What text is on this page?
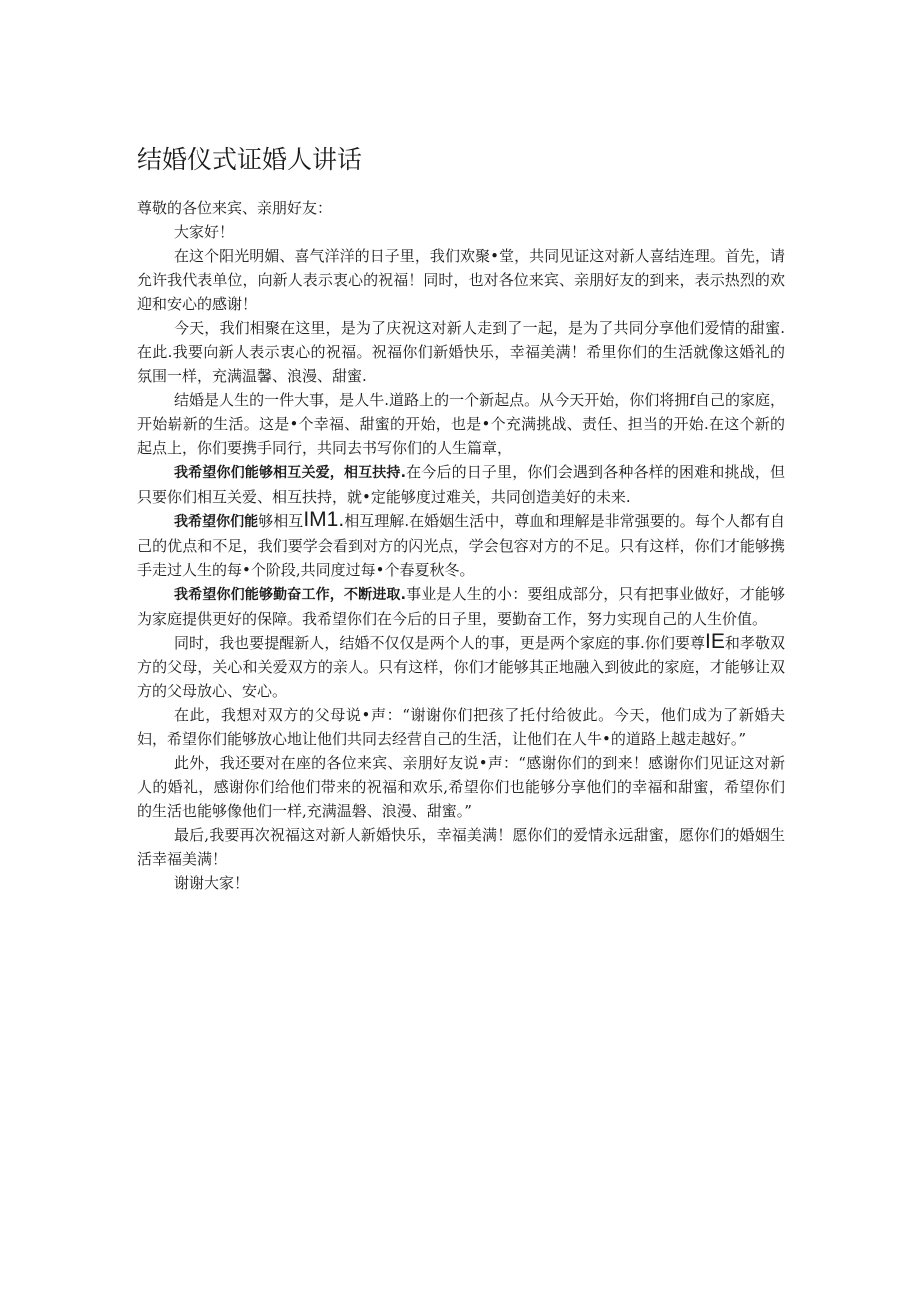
结婚仪式证婚人讲话

尊敬的各位来宾、亲朋好友：

大家好！

在这个阳光明媚、喜气洋洋的日子里，我们欢聚•堂，共同见证这对新人喜结连理。首先，请允许我代表单位，向新人表示衷心的祝福！同时，也对各位来宾、亲朋好友的到来，表示热烈的欢迎和安心的感谢！

今天，我们相聚在这里，是为了庆祝这对新人走到了一起，是为了共同分享他们爱情的甜蜜.在此.我要向新人表示衷心的祝福。祝福你们新婚快乐，幸福美满！希里你们的生活就像这婚礼的氛围一样，充满温馨、浪漫、甜蜜.

结婚是人生的一件大事，是人牛.道路上的一个新起点。从今天开始，你们将拥f自己的家庭，开始崭新的生活。这是•个幸福、甜蜜的开始，也是•个充满挑战、责任、担当的开始.在这个新的起点上，你们要携手同行，共同去书写你们的人生篇章，

我希望你们能够相互关爱，相互扶持.在今后的日子里，你们会遇到各种各样的困难和挑战，但只要你们相互关爱、相互扶持，就•定能够度过难关，共同创造美好的未来.

我希望你们能够相互IM1.相互理解.在婚姻生活中，尊血和理解是非常强要的。每个人都有自己的优点和不足，我们要学会看到对方的闪光点，学会包容对方的不足。只有这样，你们才能够携手走过人生的每•个阶段,共同度过每•个春夏秋冬。

我希望你们能够勤奋工作，不断进取.事业是人生的小：要组成部分，只有把事业做好，才能够为家庭提供更好的保障。我希望你们在今后的日子里，要勤奋工作，努力实现自己的人生价值。

同时，我也要提醒新人，结婚不仅仅是两个人的事，更是两个家庭的事.你们要尊IE和孝敬双方的父母，关心和关爱双方的亲人。只有这样，你们才能够其正地融入到彼此的家庭，才能够让双方的父母放心、安心。

在此，我想对双方的父母说•声：“谢谢你们把孩了托付给彼此。今天，他们成为了新婚夫妇，希望你们能够放心地让他们共同去经营自己的生活，让他们在人牛•的道路上越走越好。”

此外，我还要对在座的各位来宾、亲朋好友说•声：“感谢你们的到来！感谢你们见证这对新人的婚礼，感谢你们给他们带来的祝福和欢乐,希望你们也能够分享他们的幸福和甜蜜，希望你们的生活也能够像他们一样,充满温磐、浪漫、甜蜜。”

最后,我要再次祝福这对新人新婚快乐，幸福美满！愿你们的爱情永远甜蜜，愿你们的婚姻生活幸福美满！

谢谢大家！
